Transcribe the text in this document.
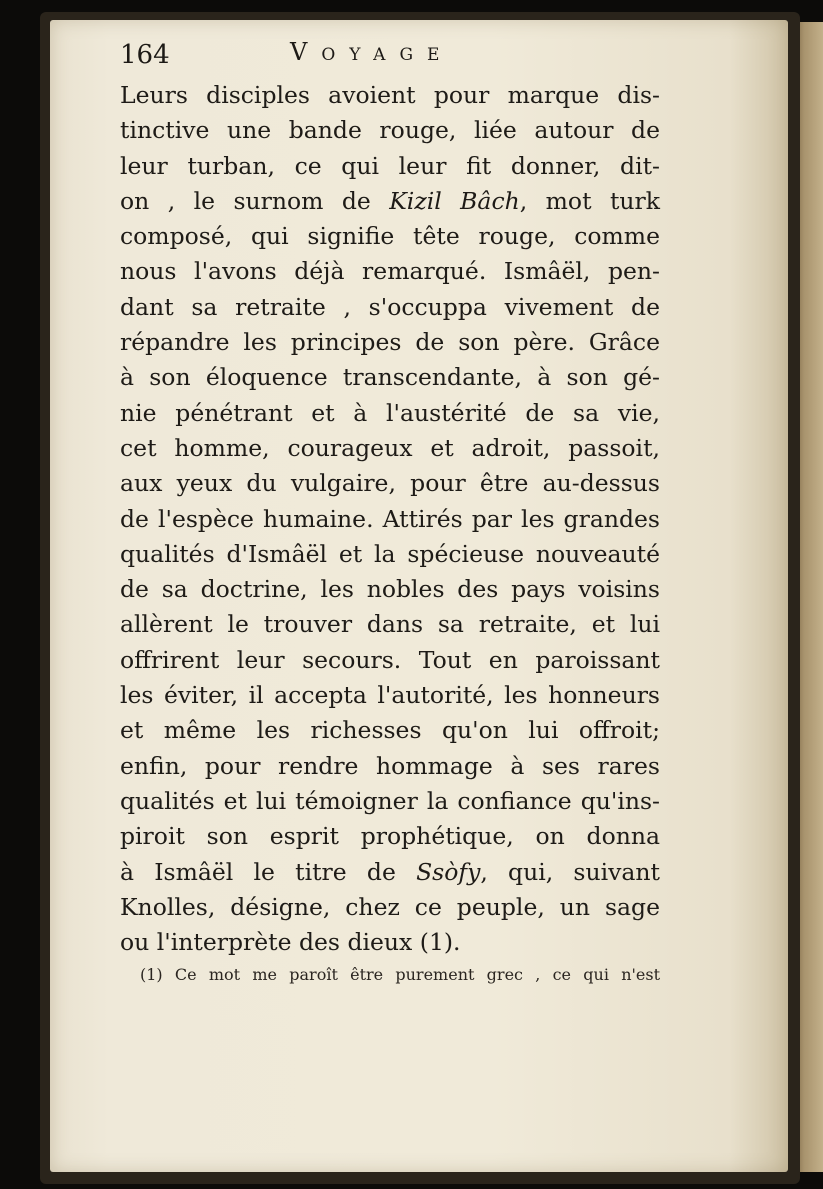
164	Voyage
Leurs disciples avoient pour marque dis-
tinctive une bande rouge, liée autour de
leur turban, ce qui leur fit donner, dit-
on , le surnom de Kizil Bâch, mot turk
composé, qui signifie tête rouge, comme
nous l'avons déjà remarqué. Ismâël, pen-
dant sa retraite , s'occuppa vivement de
répandre les principes de son père. Grâce
à son éloquence transcendante, à son gé-
nie pénétrant et à l'austérité de sa vie,
cet homme, courageux et adroit, passoit,
aux yeux du vulgaire, pour être au-dessus
de l'espèce humaine. Attirés par les grandes
qualités d'Ismâël et la spécieuse nouveauté
de sa doctrine, les nobles des pays voisins
allèrent le trouver dans sa retraite, et lui
offrirent leur secours. Tout en paroissant
les éviter, il accepta l'autorité, les honneurs
et même les richesses qu'on lui offroit;
enfin, pour rendre hommage à ses rares
qualités et lui témoigner la confiance qu'ins-
piroit son esprit prophétique, on donna
à Ismâël le titre de Ssòfy, qui, suivant
Knolles, désigne, chez ce peuple, un sage
ou l'interprète des dieux (1).
(1) Ce mot me paroît être purement grec , ce qui n'est
